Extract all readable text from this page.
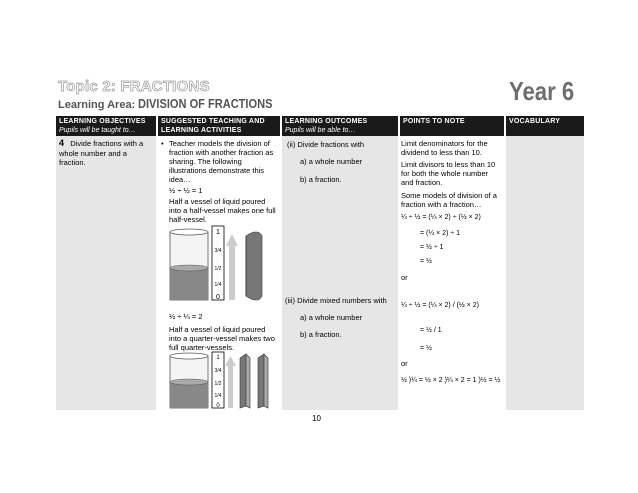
Topic 2: FRACTIONS
Learning Area: DIVISION OF FRACTIONS	Year 6
LEARNING OBJECTIVES
Pupils will be taught to…
4 Divide fractions with a
whole number and a
fraction.
SUGGESTED TEACHING AND
LEARNING ACTIVITIES
• Teacher models the division of
fraction with another fraction as
sharing. The following
illustrations demonstrate this
idea…
½ ÷ ½ = 1
Half a vessel of liquid poured
into a half-vessel makes one full
half-vessel.
1
3/4
1/2
1/4
0
½ ÷ ¼ = 2
Half a vessel of liquid poured
into a quarter-vessel makes two
full quarter-vessels.
1
3/4
1/2
1/4
0
LEARNING OUTCOMES
Pupils will be able to…
(ii) Divide fractions with
a) a whole number
b) a fraction.
(iii) Divide mixed numbers with
a) a whole number
b) a fraction.
POINTS TO NOTE
Limit denominators for the
dividend to less than 10.
Limit divisors to less than 10
for both the whole number
and fraction.
Some models of division of a
fraction with a fraction…
¼ ÷ ½ = (¼ × 2) ÷ (½ × 2)
= (¼ × 2) ÷ 1
= ½ ÷ 1
= ½
or
¼ ÷ ½ = (¼ × 2) / (½ × 2)
= ½ / 1
= ½
or
½ )¼ = ½ × 2 )¼ × 2 = 1 )½ = ½
VOCABULARY
10
